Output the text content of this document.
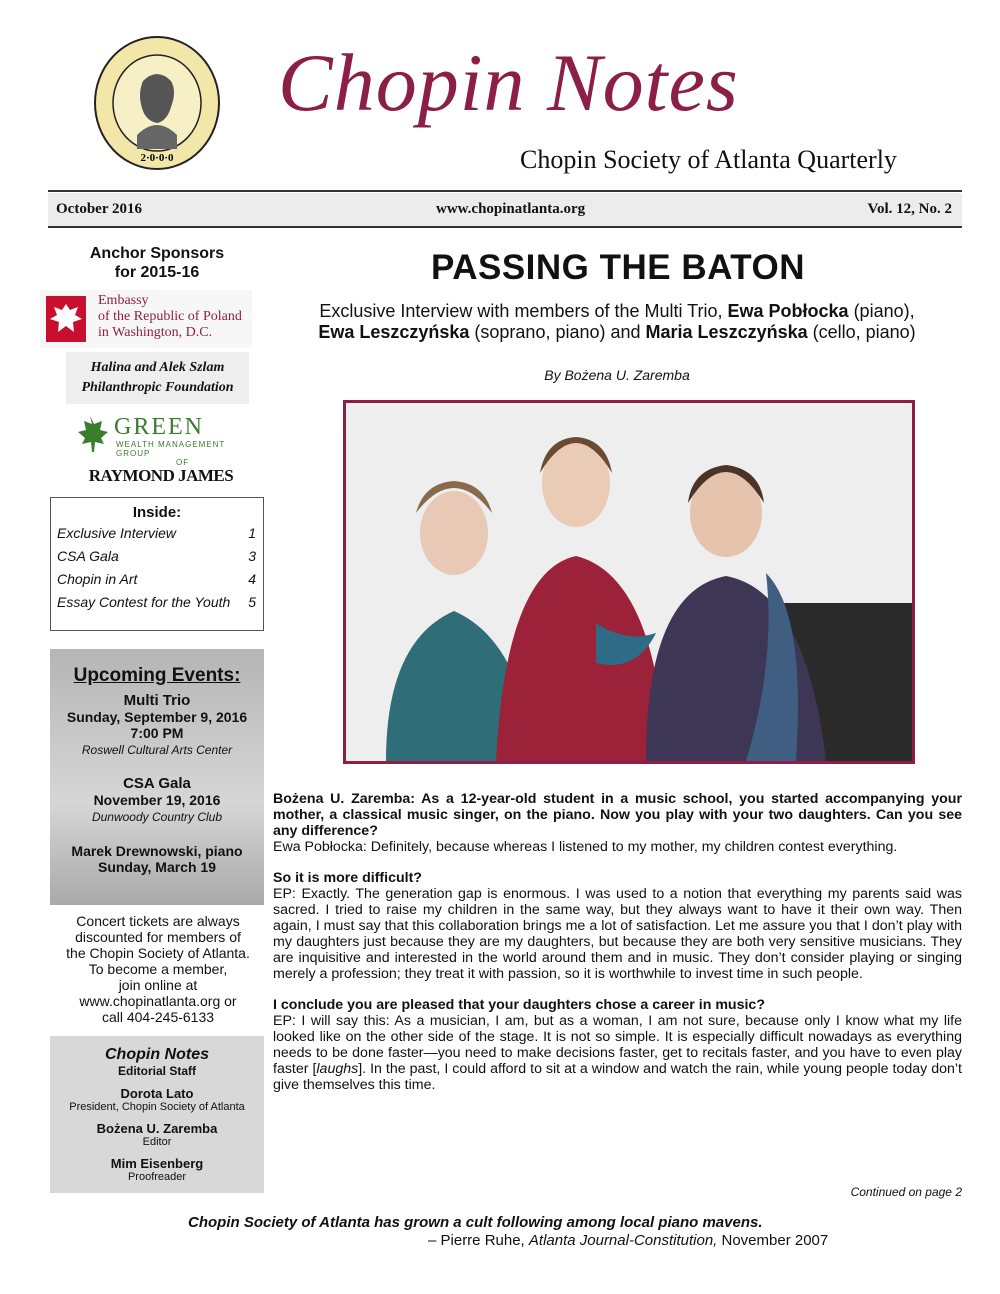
2·0·0·0
Chopin Notes
Chopin Society of Atlanta Quarterly
October 2016	www.chopinatlanta.org	Vol. 12, No. 2
Anchor Sponsors
for 2015-16
Embassy
of the Republic of Poland
in Washington, D.C.
Halina and Alek Szlam
Philanthropic Foundation
GREEN
WEALTH MANAGEMENT GROUP
OF
RAYMOND JAMES
Inside:
Exclusive Interview	1
CSA Gala	3
Chopin in Art	4
Essay Contest for the Youth 5
Upcoming Events:
Multi Trio
Sunday, September 9, 2016
7:00 PM
Roswell Cultural Arts Center
CSA Gala
November 19, 2016
Dunwoody Country Club
Marek Drewnowski, piano
Sunday, March 19
Concert tickets are always
discounted for members of
the Chopin Society of Atlanta.
To become a member,
join online at
www.chopinatlanta.org or
call 404-245-6133
Chopin Notes
Editorial Staff
Dorota Lato
President, Chopin Society of Atlanta
Bożena U. Zaremba
Editor
Mim Eisenberg
Proofreader
PASSING THE BATON
Exclusive Interview with members of the Multi Trio, Ewa Pobłocka (piano),
Ewa Leszczyńska (soprano, piano) and Maria Leszczyńska (cello, piano)
By Bożena U. Zaremba

Bożena U. Zaremba: As a 12-year-old student in a music school, you started accompanying your mother, a classical music singer, on the piano. Now you play with your two daughters. Can you see any difference?
Ewa Pobłocka: Definitely, because whereas I listened to my mother, my children contest everything.

So it is more difficult?
EP: Exactly. The generation gap is enormous. I was used to a notion that everything my parents said was sacred. I tried to raise my children in the same way, but they always want to have it their own way. Then again, I must say that this collaboration brings me a lot of satisfaction. Let me assure you that I don’t play with my daughters just because they are my daughters, but because they are both very sensitive musicians. They are inquisitive and interested in the world around them and in music. They don’t consider playing or singing merely a profession; they treat it with passion, so it is worthwhile to invest time in such people.

I conclude you are pleased that your daughters chose a career in music?
EP: I will say this: As a musician, I am, but as a woman, I am not sure, because only I know what my life looked like on the other side of the stage. It is not so simple. It is especially difficult nowadays as everything needs to be done faster—you need to make decisions faster, get to recitals faster, and you have to even play faster [laughs]. In the past, I could afford to sit at a window and watch the rain, while young people today don’t give themselves this time.

Continued on page 2
Chopin Society of Atlanta has grown a cult following among local piano mavens.
– Pierre Ruhe, Atlanta Journal-Constitution, November 2007
